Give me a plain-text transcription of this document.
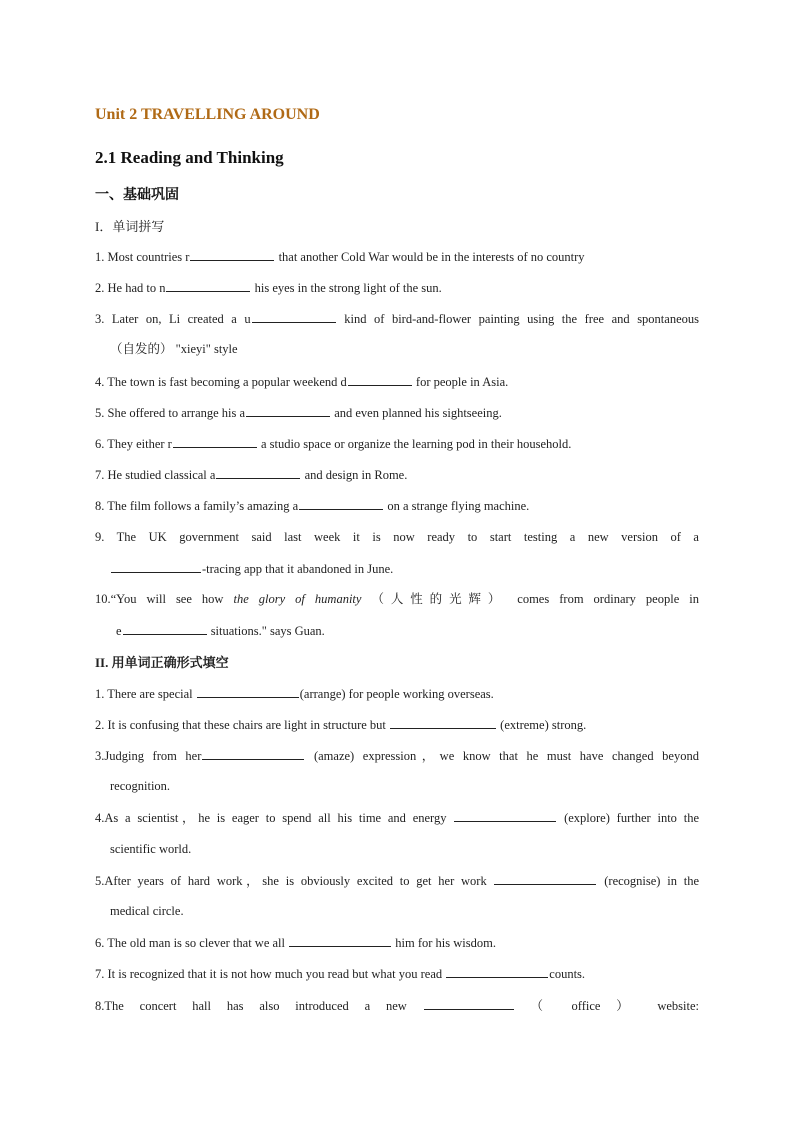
Unit 2 TRAVELLING AROUND
2.1 Reading and Thinking
一、基础巩固
I．单词拼写
1. Most countries r	that another Cold War would be in the interests of no country
2. He had to n	his eyes in the strong light of the sun.
3. Later on, Li created a u	kind of bird-and-flower painting using the free and spontaneous
（自发的） "xieyi" style
4. The town is fast becoming a popular weekend d	for people in Asia.
5. She offered to arrange his a	and even planned his sightseeing.
6. They either r	a studio space or organize the learning pod in their household.
7. He studied classical a	and design in Rome.
8. The film follows a family’s amazing a	on a strange flying machine.
9. The UK government said last week it is now ready to start testing a new version of a
-tracing app that it abandoned in June.
10.“You will see how the glory of humanity （人性的光辉） comes from ordinary people in
e	situations." says Guan.
II. 用单词正确形式填空
1. There are special	(arrange) for people working overseas.
2. It is confusing that these chairs are light in structure but	(extreme) strong.
3.Judging from her	(amaze) expression，we know that he must have changed beyond
recognition.
4.As a scientist，he is eager to spend all his time and energy	(explore) further into the
scientific world.
5.After years of hard work，she is obviously excited to get her work	(recognise) in the
medical circle.
6. The old man is so clever that we all	him for his wisdom.
7. It is recognized that it is not how much you read but what you read	counts.
8.The concert hall has also introduced a new	（ office ） website:
